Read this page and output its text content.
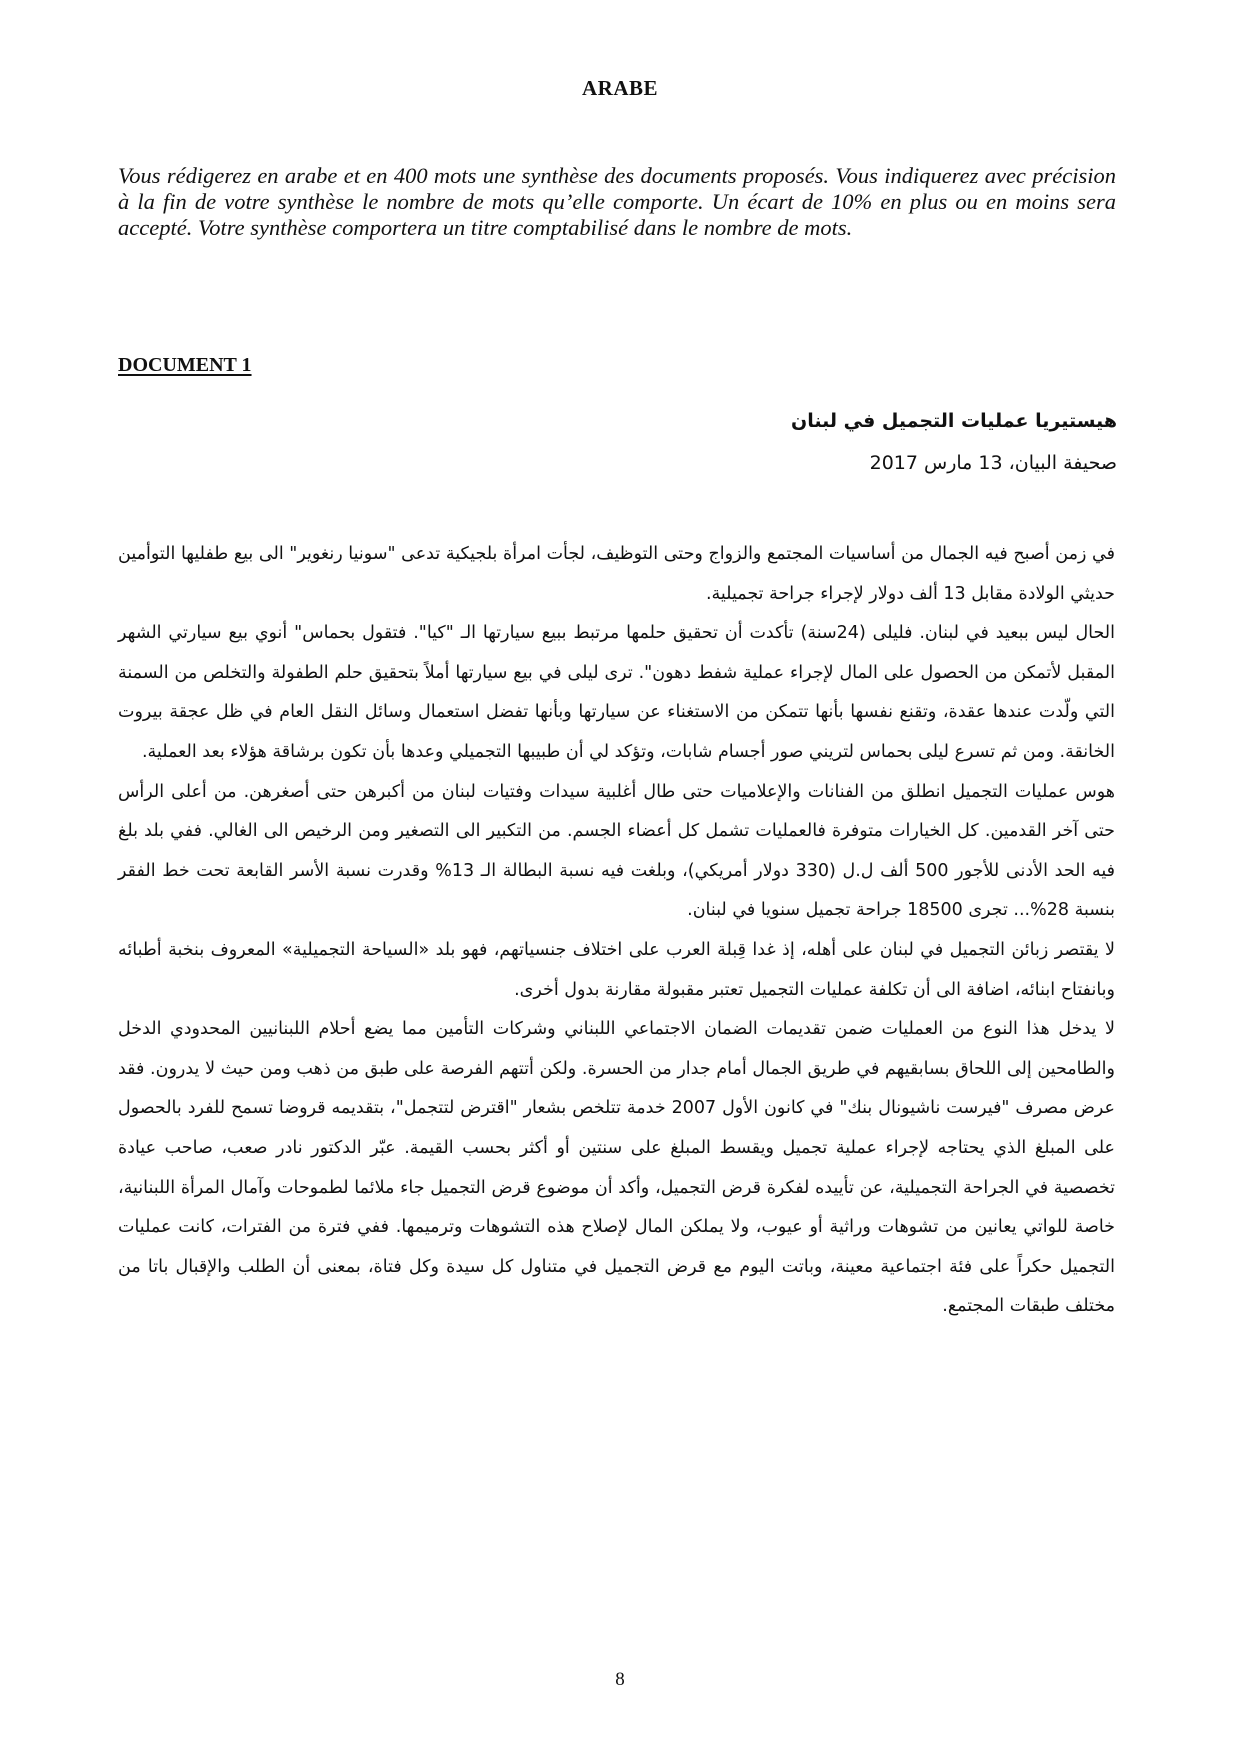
ARABE

Vous rédigerez en arabe et en 400 mots une synthèse des documents proposés. Vous indiquerez avec précision à la fin de votre synthèse le nombre de mots qu’elle comporte. Un écart de 10% en plus ou en moins sera accepté. Votre synthèse comportera un titre comptabilisé dans le nombre de mots.

DOCUMENT 1
هيستيريا عمليات التجميل في لبنان
صحيفة البيان، 13 مارس 2017

في زمن أصبح فيه الجمال من أساسيات المجتمع والزواج وحتى التوظيف، لجأت امرأة بلجيكية تدعى "سونيا رنغوير" الى بيع طفليها التوأمين حديثي الولادة مقابل 13 ألف دولار لإجراء جراحة تجميلية.

الحال ليس ببعيد في لبنان. فليلى (24سنة) تأكدت أن تحقيق حلمها مرتبط ببيع سيارتها الـ "كيا". فتقول بحماس" أنوي بيع سيارتي الشهر المقبل لأتمكن من الحصول على المال لإجراء عملية شفط دهون". ترى ليلى في بيع سيارتها أملاً بتحقيق حلم الطفولة والتخلص من السمنة التي ولّدت عندها عقدة، وتقنع نفسها بأنها تتمكن من الاستغناء عن سيارتها وبأنها تفضل استعمال وسائل النقل العام في ظل عجقة بيروت الخانقة. ومن ثم تسرع ليلى بحماس لتريني صور أجسام شابات، وتؤكد لي أن طبيبها التجميلي وعدها بأن تكون برشاقة هؤلاء بعد العملية.

هوس عمليات التجميل انطلق من الفنانات والإعلاميات حتى طال أغلبية سيدات وفتيات لبنان من أكبرهن حتى أصغرهن. من أعلى الرأس حتى آخر القدمين. كل الخيارات متوفرة فالعمليات تشمل كل أعضاء الجسم. من التكبير الى التصغير ومن الرخيص الى الغالي. ففي بلد بلغ فيه الحد الأدنى للأجور 500 ألف ل.ل (330 دولار أمريكي)، وبلغت فيه نسبة البطالة الـ 13% وقدرت نسبة الأسر القابعة تحت خط الفقر بنسبة 28%... تجرى 18500 جراحة تجميل سنويا في لبنان.

لا يقتصر زبائن التجميل في لبنان على أهله، إذ غدا قِبلة العرب على اختلاف جنسياتهم، فهو بلد «السياحة التجميلية» المعروف بنخبة أطبائه وبانفتاح ابنائه، اضافة الى أن تكلفة عمليات التجميل تعتبر مقبولة مقارنة بدول أخرى.

لا يدخل هذا النوع من العمليات ضمن تقديمات الضمان الاجتماعي اللبناني وشركات التأمين مما يضع أحلام اللبنانيين المحدودي الدخل والطامحين إلى اللحاق بسابقيهم في طريق الجمال أمام جدار من الحسرة. ولكن أتتهم الفرصة على طبق من ذهب ومن حيث لا يدرون. فقد عرض مصرف "فيرست ناشيونال بنك" في كانون الأول 2007 خدمة تتلخص بشعار "اقترض لتتجمل"، بتقديمه قروضا تسمح للفرد بالحصول على المبلغ الذي يحتاجه لإجراء عملية تجميل ويقسط المبلغ على سنتين أو أكثر بحسب القيمة. عبّر الدكتور نادر صعب، صاحب عيادة تخصصية في الجراحة التجميلية، عن تأييده لفكرة قرض التجميل، وأكد أن موضوع قرض التجميل جاء ملائما لطموحات وآمال المرأة اللبنانية، خاصة للواتي يعانين من تشوهات وراثية أو عيوب، ولا يملكن المال لإصلاح هذه التشوهات وترميمها. ففي فترة من الفترات، كانت عمليات التجميل حكراً على فئة اجتماعية معينة، وباتت اليوم مع قرض التجميل في متناول كل سيدة وكل فتاة، بمعنى أن الطلب والإقبال باتا من مختلف طبقات المجتمع.

8
